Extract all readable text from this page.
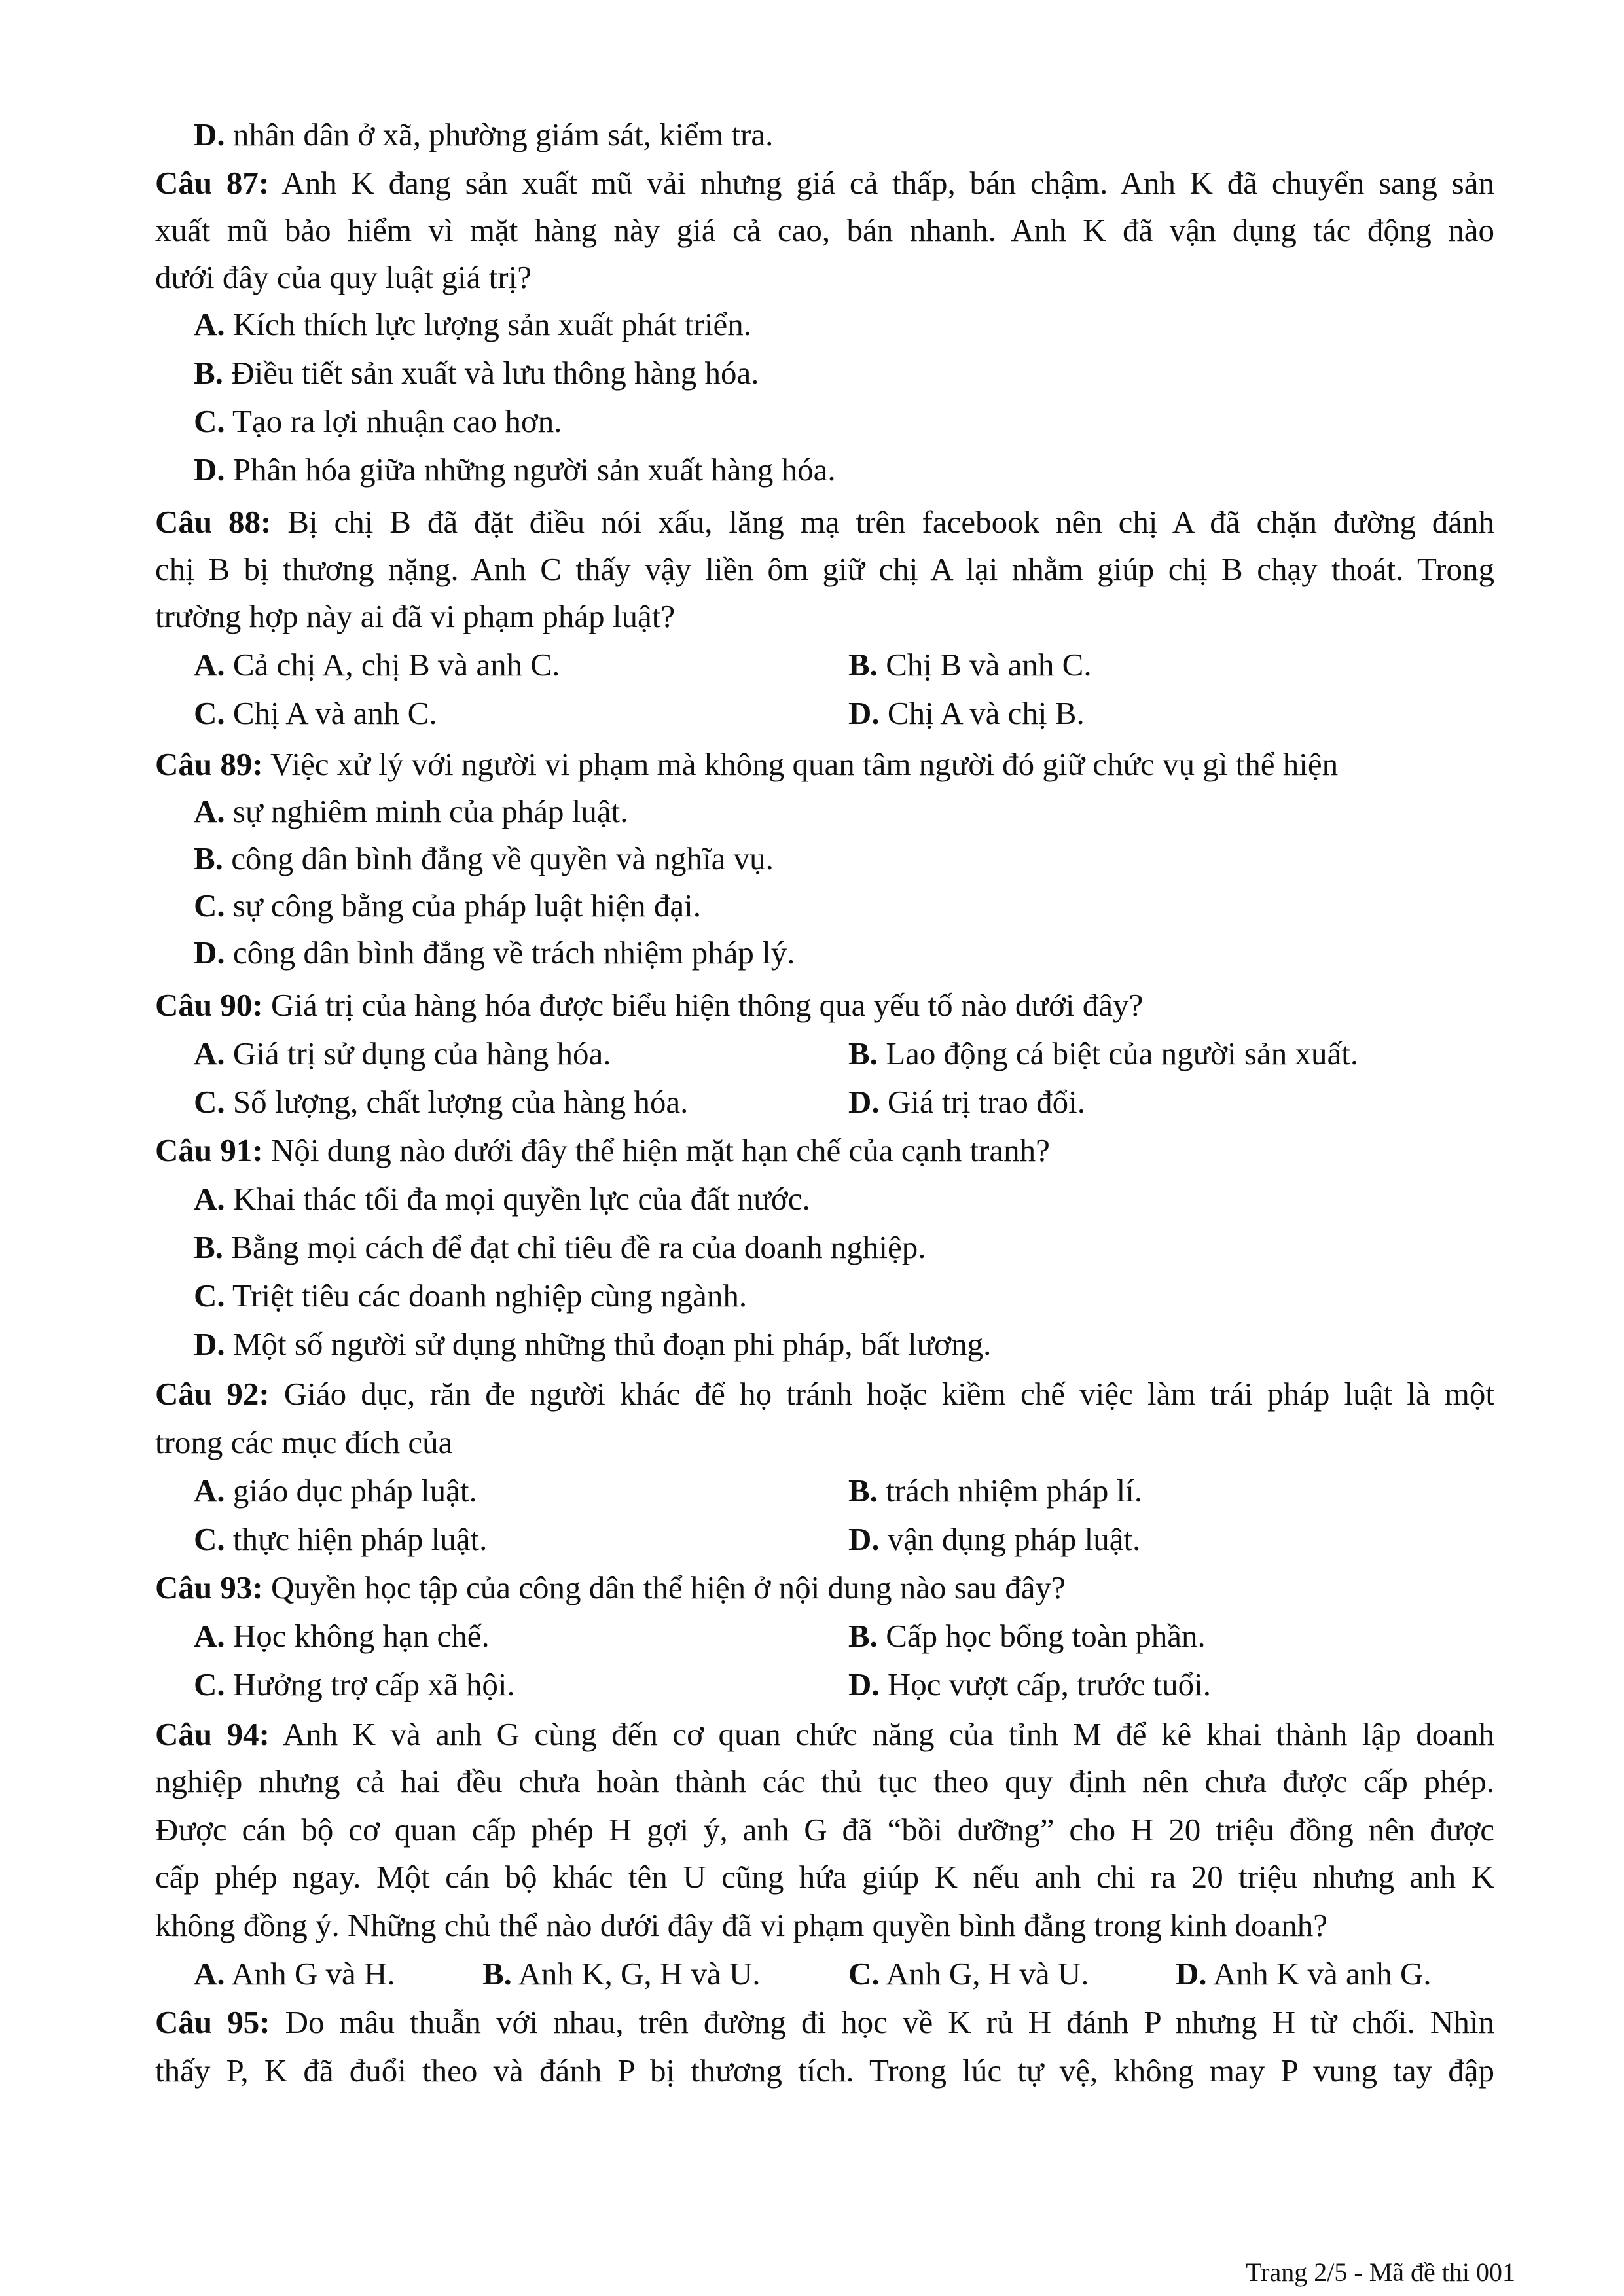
D. nhân dân ở xã, phường giám sát, kiểm tra.
Câu 87: Anh K đang sản xuất mũ vải nhưng giá cả thấp, bán chậm. Anh K đã chuyển sang sản
xuất mũ bảo hiểm vì mặt hàng này giá cả cao, bán nhanh. Anh K đã vận dụng tác động nào
dưới đây của quy luật giá trị?
A. Kích thích lực lượng sản xuất phát triển.
B. Điều tiết sản xuất và lưu thông hàng hóa.
C. Tạo ra lợi nhuận cao hơn.
D. Phân hóa giữa những người sản xuất hàng hóa.
Câu 88: Bị chị B đã đặt điều nói xấu, lăng mạ trên facebook nên chị A đã chặn đường đánh
chị B bị thương nặng. Anh C thấy vậy liền ôm giữ chị A lại nhằm giúp chị B chạy thoát. Trong
trường hợp này ai đã vi phạm pháp luật?
A. Cả chị A, chị B và anh C.	B. Chị B và anh C.
C. Chị A và anh C.	D. Chị A và chị B.
Câu 89: Việc xử lý với người vi phạm mà không quan tâm người đó giữ chức vụ gì thể hiện
A. sự nghiêm minh của pháp luật.
B. công dân bình đẳng về quyền và nghĩa vụ.
C. sự công bằng của pháp luật hiện đại.
D. công dân bình đẳng về trách nhiệm pháp lý.
Câu 90: Giá trị của hàng hóa được biểu hiện thông qua yếu tố nào dưới đây?
A. Giá trị sử dụng của hàng hóa.	B. Lao động cá biệt của người sản xuất.
C. Số lượng, chất lượng của hàng hóa.	D. Giá trị trao đổi.
Câu 91: Nội dung nào dưới đây thể hiện mặt hạn chế của cạnh tranh?
A. Khai thác tối đa mọi quyền lực của đất nước.
B. Bằng mọi cách để đạt chỉ tiêu đề ra của doanh nghiệp.
C. Triệt tiêu các doanh nghiệp cùng ngành.
D. Một số người sử dụng những thủ đoạn phi pháp, bất lương.
Câu 92: Giáo dục, răn đe người khác để họ tránh hoặc kiềm chế việc làm trái pháp luật là một
trong các mục đích của
A. giáo dục pháp luật.	B. trách nhiệm pháp lí.
C. thực hiện pháp luật.	D. vận dụng pháp luật.
Câu 93: Quyền học tập của công dân thể hiện ở nội dung nào sau đây?
A. Học không hạn chế.	B. Cấp học bổng toàn phần.
C. Hưởng trợ cấp xã hội.	D. Học vượt cấp, trước tuổi.
Câu 94: Anh K và anh G cùng đến cơ quan chức năng của tỉnh M để kê khai thành lập doanh
nghiệp nhưng cả hai đều chưa hoàn thành các thủ tục theo quy định nên chưa được cấp phép.
Được cán bộ cơ quan cấp phép H gợi ý, anh G đã “bồi dưỡng” cho H 20 triệu đồng nên được
cấp phép ngay. Một cán bộ khác tên U cũng hứa giúp K nếu anh chi ra 20 triệu nhưng anh K
không đồng ý. Những chủ thể nào dưới đây đã vi phạm quyền bình đẳng trong kinh doanh?
A. Anh G và H.	B. Anh K, G, H và U.	C. Anh G, H và U.	D. Anh K và anh G.
Câu 95: Do mâu thuẫn với nhau, trên đường đi học về K rủ H đánh P nhưng H từ chối. Nhìn
thấy P, K đã đuổi theo và đánh P bị thương tích. Trong lúc tự vệ, không may P vung tay đập
Trang 2/5 - Mã đề thi 001
